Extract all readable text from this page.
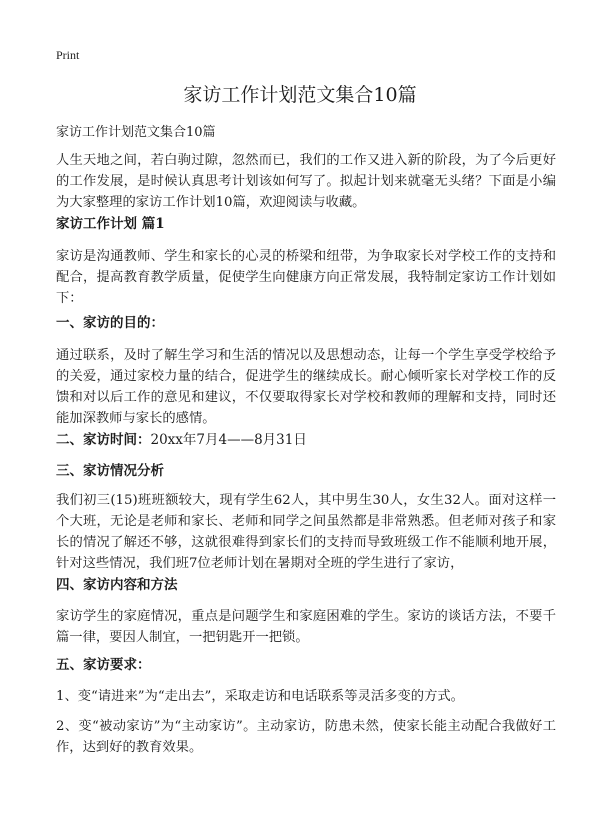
Print
家访工作计划范文集合10篇

家访工作计划范文集合10篇

人生天地之间，若白驹过隙，忽然而已，我们的工作又进入新的阶段，为了今后更好的工作发展，是时候认真思考计划该如何写了。拟起计划来就毫无头绪？下面是小编为大家整理的家访工作计划10篇，欢迎阅读与收藏。

家访工作计划 篇1

家访是沟通教师、学生和家长的心灵的桥梁和纽带，为争取家长对学校工作的支持和配合，提高教育教学质量，促使学生向健康方向正常发展，我特制定家访工作计划如下：

一、家访的目的：

通过联系，及时了解生学习和生活的情况以及思想动态，让每一个学生享受学校给予的关爱，通过家校力量的结合，促进学生的继续成长。耐心倾听家长对学校工作的反馈和对以后工作的意见和建议，不仅要取得家长对学校和教师的理解和支持，同时还能加深教师与家长的感情。

二、家访时间：20xx年7月4——8月31日

三、家访情况分析

我们初三(15)班班额较大，现有学生62人，其中男生30人，女生32人。面对这样一个大班，无论是老师和家长、老师和同学之间虽然都是非常熟悉。但老师对孩子和家长的情况了解还不够，这就很难得到家长们的支持而导致班级工作不能顺利地开展，针对这些情况，我们班7位老师计划在暑期对全班的学生进行了家访，

四、家访内容和方法

家访学生的家庭情况，重点是问题学生和家庭困难的学生。家访的谈话方法，不要千篇一律，要因人制宜，一把钥匙开一把锁。

五、家访要求：

1、变“请进来”为“走出去”，采取走访和电话联系等灵活多变的方式。

2、变“被动家访”为“主动家访”。主动家访，防患未然，使家长能主动配合我做好工作，达到好的教育效果。
